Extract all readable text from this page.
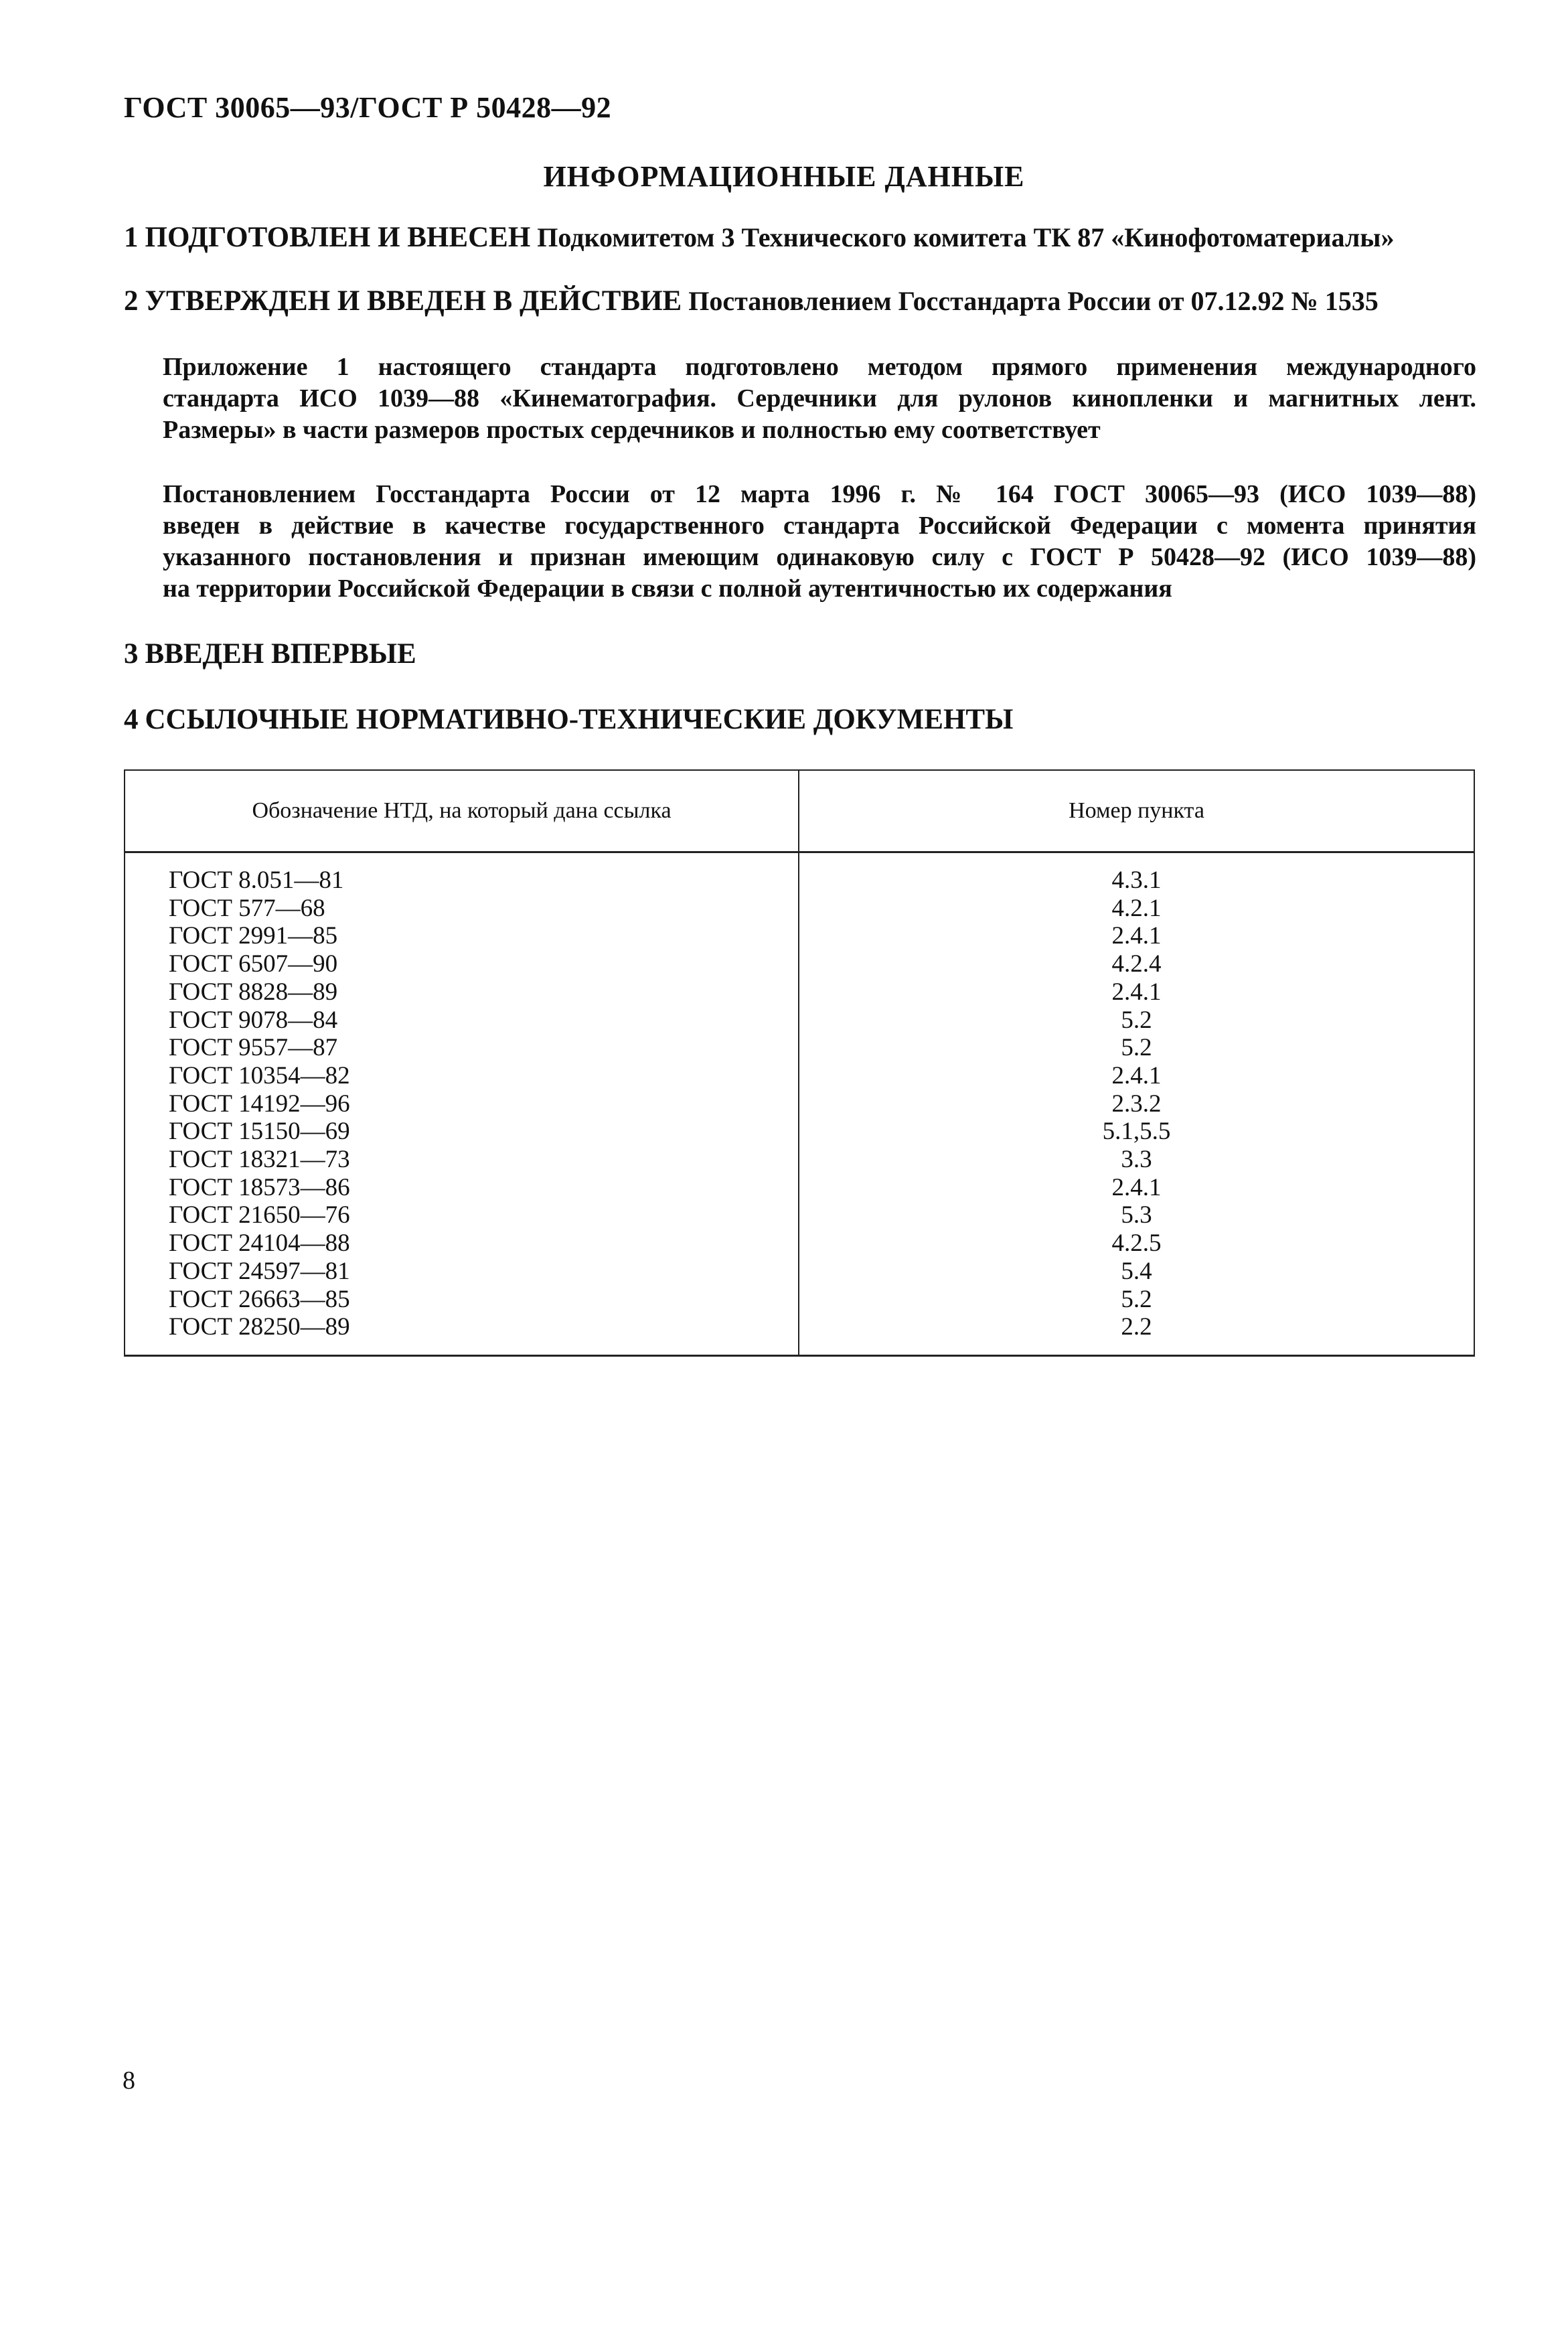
ГОСТ 30065—93/ГОСТ Р 50428—92
ИНФОРМАЦИОННЫЕ ДАННЫЕ
1 ПОДГОТОВЛЕН И ВНЕСЕН Подкомитетом 3 Технического комитета ТК 87 «Кинофотоматериалы»
2 УТВЕРЖДЕН И ВВЕДЕН В ДЕЙСТВИЕ Постановлением Госстандарта России от 07.12.92 № 1535
Приложение 1 настоящего стандарта подготовлено методом прямого применения международного
стандарта ИСО 1039—88 «Кинематография. Сердечники для рулонов кинопленки и магнитных лент.
Размеры» в части размеров простых сердечников и полностью ему соответствует
Постановлением Госстандарта России от 12 марта 1996 г. № 164 ГОСТ 30065—93 (ИСО 1039—88)
введен в действие в качестве государственного стандарта Российской Федерации с момента принятия
указанного постановления и признан имеющим одинаковую силу с ГОСТ Р 50428—92 (ИСО 1039—88)
на территории Российской Федерации в связи с полной аутентичностью их содержания
3 ВВЕДЕН ВПЕРВЫЕ
4 ССЫЛОЧНЫЕ НОРМАТИВНО-ТЕХНИЧЕСКИЕ ДОКУМЕНТЫ
Обозначение НТД, на который дана ссылка	Номер пункта
ГОСТ 8.051—81	4.3.1
ГОСТ 577—68	4.2.1
ГОСТ 2991—85	2.4.1
ГОСТ 6507—90	4.2.4
ГОСТ 8828—89	2.4.1
ГОСТ 9078—84	5.2
ГОСТ 9557—87	5.2
ГОСТ 10354—82	2.4.1
ГОСТ 14192—96	2.3.2
ГОСТ 15150—69	5.1,5.5
ГОСТ 18321—73	3.3
ГОСТ 18573—86	2.4.1
ГОСТ 21650—76	5.3
ГОСТ 24104—88	4.2.5
ГОСТ 24597—81	5.4
ГОСТ 26663—85	5.2
ГОСТ 28250—89	2.2
8
